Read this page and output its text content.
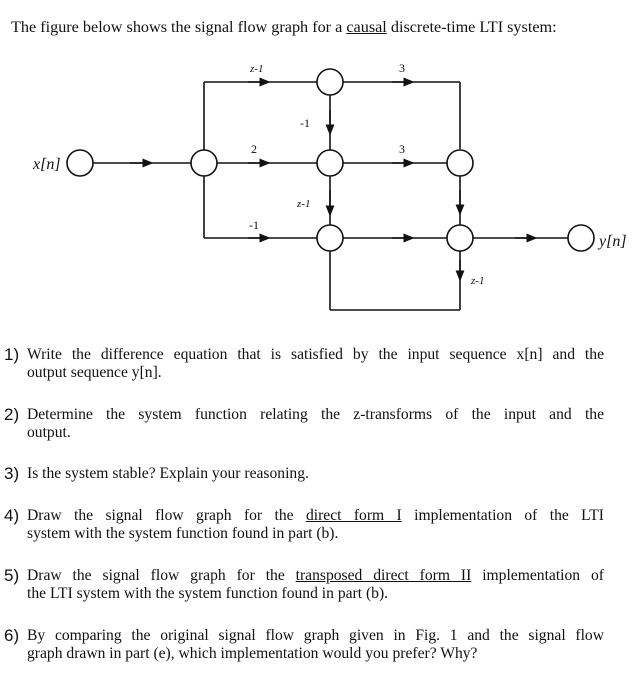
The figure below shows the signal flow graph for a causal discrete-time LTI system:
x[n]
y[n]
z-1	3
-1
2	3
z-1
-1
z-1
1) Write the difference equation that is satisfied by the input sequence x[n] and the
output sequence y[n].
2) Determine the system function relating the z-transforms of the input and the
output.
3) Is the system stable? Explain your reasoning.
4) Draw the signal flow graph for the direct form I implementation of the LTI
system with the system function found in part (b).
5) Draw the signal flow graph for the transposed direct form II implementation of
the LTI system with the system function found in part (b).
6) By comparing the original signal flow graph given in Fig. 1 and the signal flow
graph drawn in part (e), which implementation would you prefer? Why?
